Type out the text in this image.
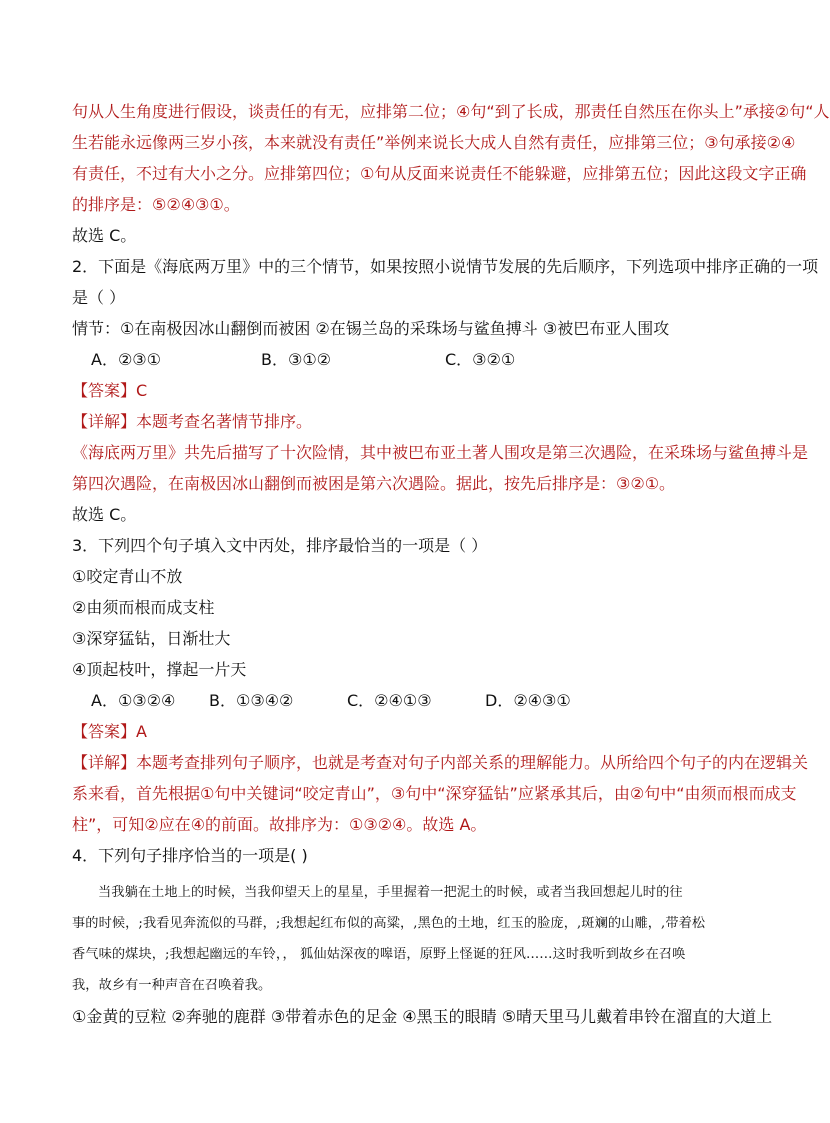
句从人生角度进行假设，谈责任的有无，应排第二位；④句“到了长成，那责任自然压在你头上”承接②句“人
生若能永远像两三岁小孩，本来就没有责任”举例来说长大成人自然有责任，应排第三位；③句承接②④
有责任，不过有大小之分。应排第四位；①句从反面来说责任不能躲避，应排第五位；因此这段文字正确
的排序是：⑤②④③①。
故选 C。
2．下面是《海底两万里》中的三个情节，如果按照小说情节发展的先后顺序，下列选项中排序正确的一项
是（ ）
情节：①在南极因冰山翻倒而被困 ②在锡兰岛的采珠场与鲨鱼搏斗 ③被巴布亚人围攻
A．②③①	B．③①②	C．③②①
【答案】C
【详解】本题考查名著情节排序。
《海底两万里》共先后描写了十次险情，其中被巴布亚土著人围攻是第三次遇险，在采珠场与鲨鱼搏斗是
第四次遇险，在南极因冰山翻倒而被困是第六次遇险。据此，按先后排序是：③②①。
故选 C。
3．下列四个句子填入文中丙处，排序最恰当的一项是（ ）
①咬定青山不放
②由须而根而成支柱
③深穿猛钻，日渐壮大
④顶起枝叶，撑起一片天
A．①③②④ B．①③④②	C．②④①③	D．②④③①
【答案】A
【详解】本题考查排列句子顺序，也就是考查对句子内部关系的理解能力。从所给四个句子的内在逻辑关
系来看，首先根据①句中关键词“咬定青山”，③句中“深穿猛钻”应紧承其后，由②句中“由须而根而成支
柱”，可知②应在④的前面。故排序为：①③②④。故选 A。
4．下列句子排序恰当的一项是( )
当我躺在土地上的时候，当我仰望天上的星星，手里握着一把泥土的时候，或者当我回想起儿时的往
事的时候，;我看见奔流似的马群，;我想起红布似的高粱，,黑色的土地，红玉的脸庞，,斑斓的山雕，,带着松
香气味的煤块，;我想起幽远的车铃，， 狐仙姑深夜的嗥语，原野上怪诞的狂风……这时我听到故乡在召唤
我，故乡有一种声音在召唤着我。
①金黄的豆粒 ②奔驰的鹿群 ③带着赤色的足金 ④黑玉的眼睛 ⑤晴天里马儿戴着串铃在溜直的大道上
